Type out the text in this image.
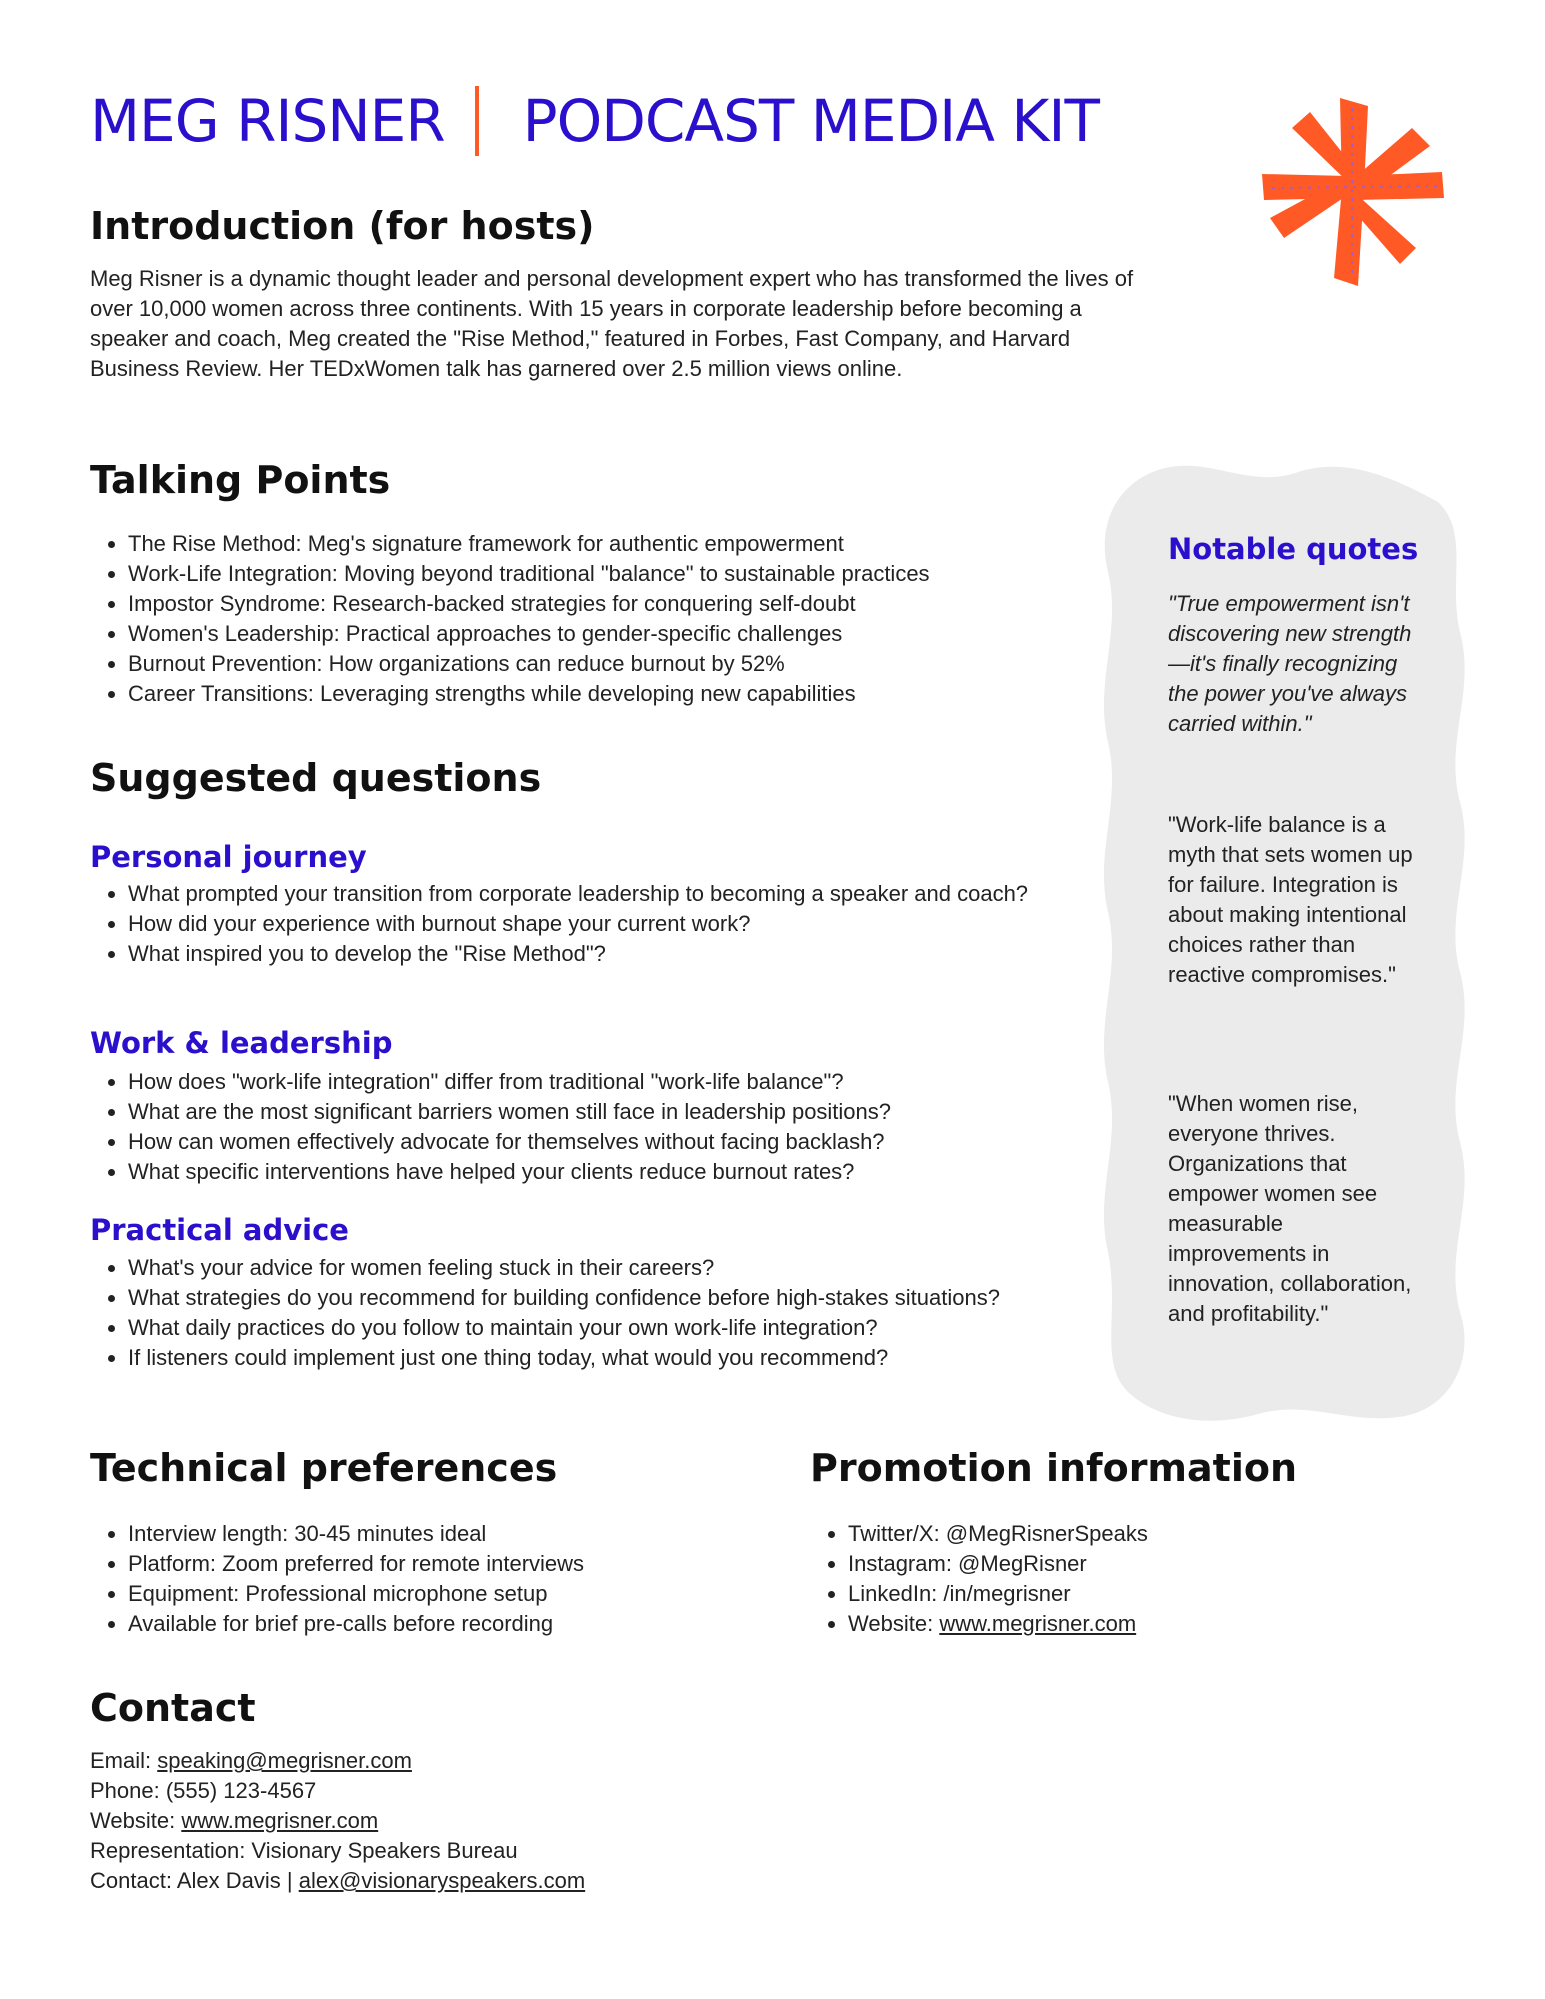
MEG RISNER PODCAST MEDIA KIT
Introduction (for hosts)

Meg Risner is a dynamic thought leader and personal development expert who has transformed the lives of over 10,000 women across three continents. With 15 years in corporate leadership before becoming a speaker and coach, Meg created the "Rise Method," featured in Forbes, Fast Company, and Harvard Business Review. Her TEDxWomen talk has garnered over 2.5 million views online.

Talking Points
• The Rise Method: Meg's signature framework for authentic empowerment
• Work-Life Integration: Moving beyond traditional "balance" to sustainable practices
• Impostor Syndrome: Research-backed strategies for conquering self-doubt
• Women's Leadership: Practical approaches to gender-specific challenges
• Burnout Prevention: How organizations can reduce burnout by 52%
• Career Transitions: Leveraging strengths while developing new capabilities
Suggested questions
Personal journey
• What prompted your transition from corporate leadership to becoming a speaker and coach?
• How did your experience with burnout shape your current work?
• What inspired you to develop the "Rise Method"?
Work & leadership
• How does "work-life integration" differ from traditional "work-life balance"?
• What are the most significant barriers women still face in leadership positions?
• How can women effectively advocate for themselves without facing backlash?
• What specific interventions have helped your clients reduce burnout rates?
Practical advice
• What's your advice for women feeling stuck in their careers?
• What strategies do you recommend for building confidence before high-stakes situations?
• What daily practices do you follow to maintain your own work-life integration?
• If listeners could implement just one thing today, what would you recommend?
Notable quotes

"True empowerment isn't discovering new strength—it's finally recognizing the power you've always carried within."

"Work-life balance is a myth that sets women up for failure. Integration is about making intentional choices rather than reactive compromises."

"When women rise, everyone thrives. Organizations that empower women see measurable improvements in innovation, collaboration, and profitability."

Technical preferences
• Interview length: 30-45 minutes ideal
• Platform: Zoom preferred for remote interviews
• Equipment: Professional microphone setup
• Available for brief pre-calls before recording
Promotion information
• Twitter/X: @MegRisnerSpeaks
• Instagram: @MegRisner
• LinkedIn: /in/megrisner
• Website: www.megrisner.com
Contact

Email: speaking@megrisner.com

Phone: (555) 123-4567

Website: www.megrisner.com

Representation: Visionary Speakers Bureau

Contact: Alex Davis | alex@visionaryspeakers.com
